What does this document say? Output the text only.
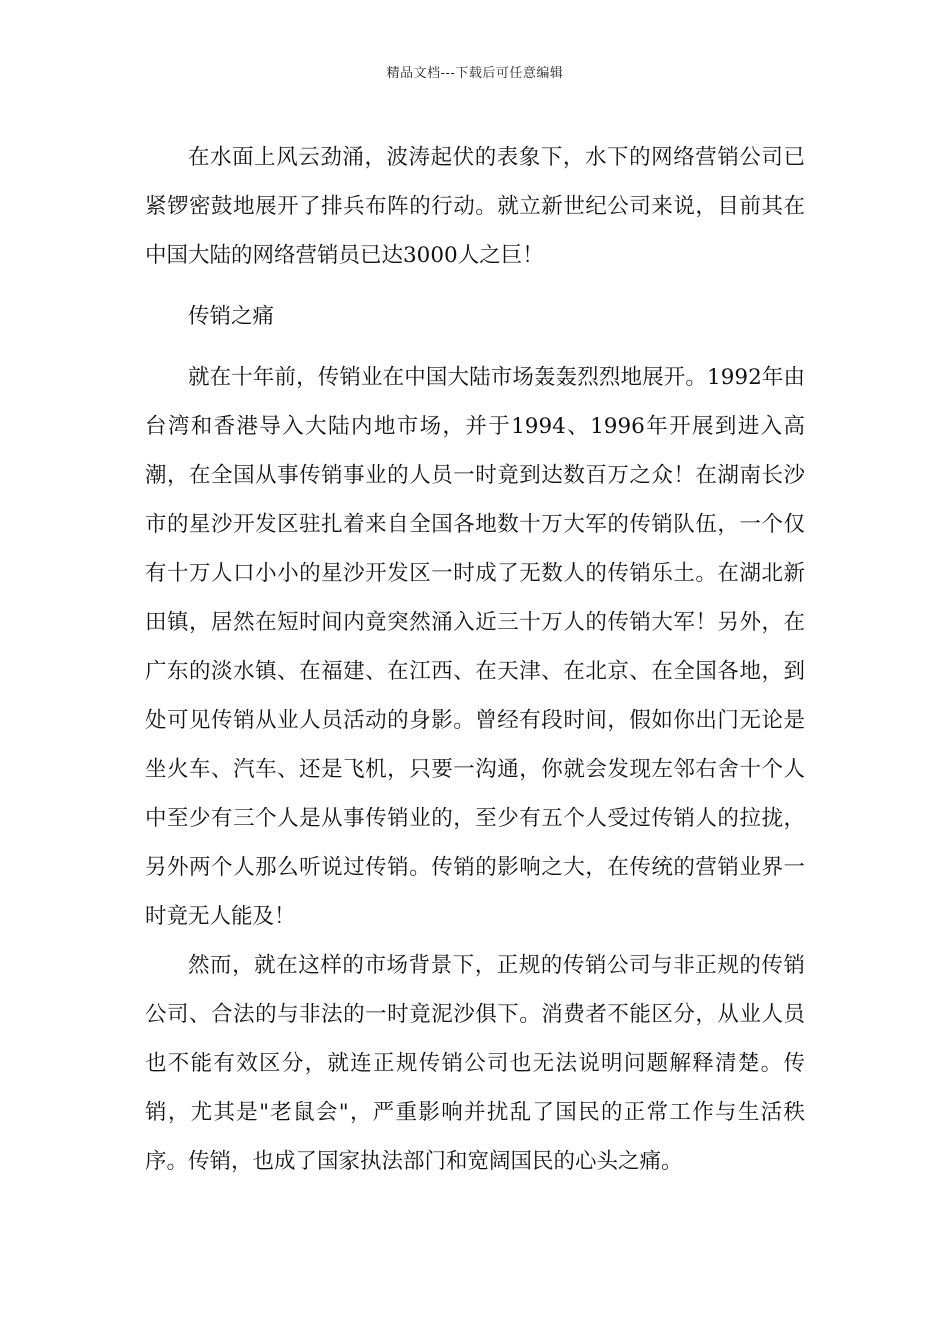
精品文档---下载后可任意编辑

在水面上风云劲涌，波涛起伏的表象下，水下的网络营销公司已紧锣密鼓地展开了排兵布阵的行动。就立新世纪公司来说，目前其在中国大陆的网络营销员已达3000人之巨！

传销之痛

就在十年前，传销业在中国大陆市场轰轰烈烈地展开。1992年由台湾和香港导入大陆内地市场，并于1994、1996年开展到进入高潮，在全国从事传销事业的人员一时竟到达数百万之众！在湖南长沙市的星沙开发区驻扎着来自全国各地数十万大军的传销队伍，一个仅有十万人口小小的星沙开发区一时成了无数人的传销乐土。在湖北新田镇，居然在短时间内竟突然涌入近三十万人的传销大军！另外，在广东的淡水镇、在福建、在江西、在天津、在北京、在全国各地，到处可见传销从业人员活动的身影。曾经有段时间，假如你出门无论是坐火车、汽车、还是飞机，只要一沟通，你就会发现左邻右舍十个人中至少有三个人是从事传销业的，至少有五个人受过传销人的拉拢，另外两个人那么听说过传销。传销的影响之大，在传统的营销业界一时竟无人能及！

然而，就在这样的市场背景下，正规的传销公司与非正规的传销公司、合法的与非法的一时竟泥沙俱下。消费者不能区分，从业人员也不能有效区分，就连正规传销公司也无法说明问题解释清楚。传销，尤其是"老鼠会"，严重影响并扰乱了国民的正常工作与生活秩序。传销，也成了国家执法部门和宽阔国民的心头之痛。
